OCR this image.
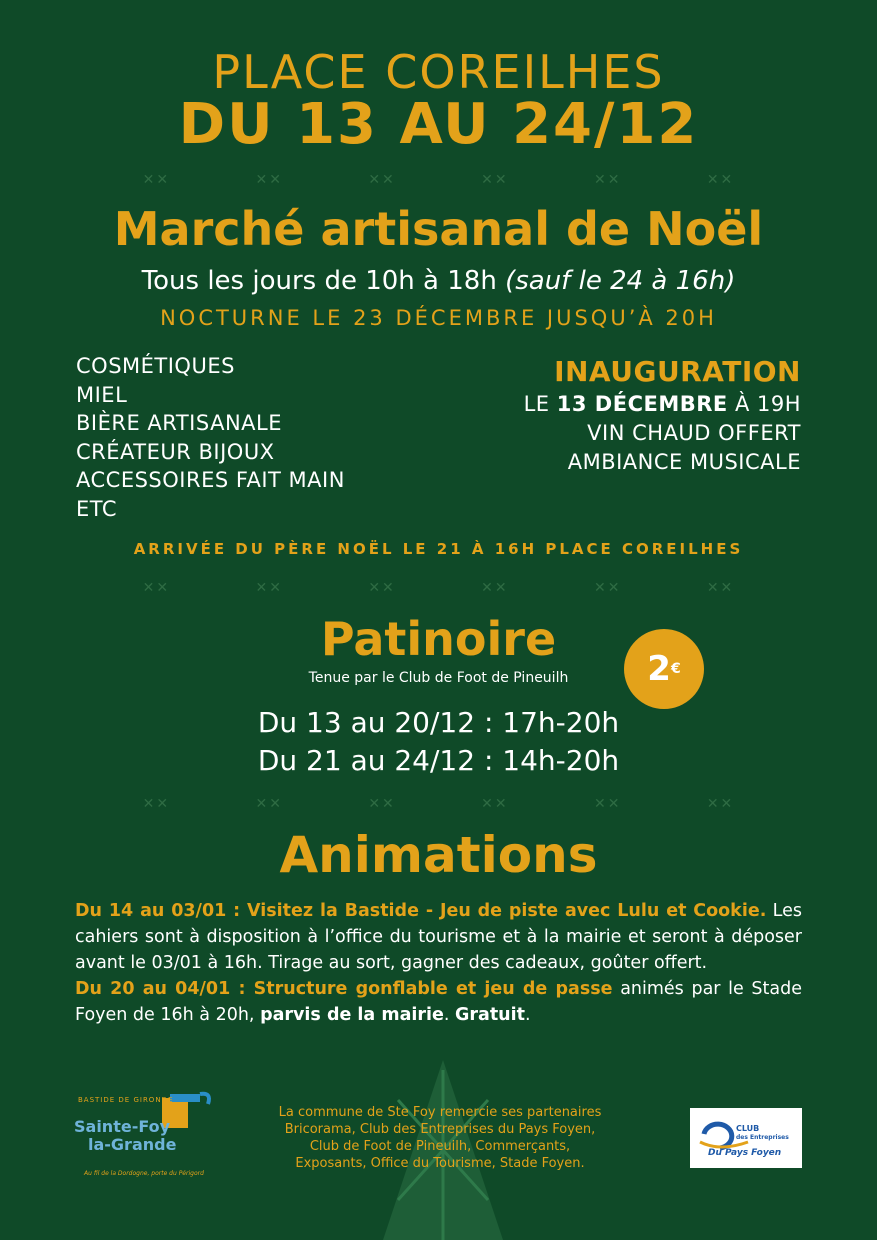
PLACE COREILHES
DU 13 AU 24/12
✕✕	✕✕	✕✕	✕✕	✕✕	✕✕
Marché artisanal de Noël
Tous les jours de 10h à 18h (sauf le 24 à 16h)
NOCTURNE LE 23 DÉCEMBRE JUSQU’À 20H
COSMÉTIQUES
MIEL
BIÈRE ARTISANALE
CRÉATEUR BIJOUX
ACCESSOIRES FAIT MAIN
ETC
INAUGURATION
LE 13 DÉCEMBRE À 19H
VIN CHAUD OFFERT
AMBIANCE MUSICALE
ARRIVÉE DU PÈRE NOËL LE 21 À 16H PLACE COREILHES
✕✕	✕✕	✕✕	✕✕	✕✕	✕✕
Patinoire
Tenue par le Club de Foot de Pineuilh	2 €
Du 13 au 20/12 : 17h-20h
Du 21 au 24/12 : 14h-20h
✕✕	✕✕	✕✕	✕✕	✕✕	✕✕
Animations
Du 14 au 03/01 : Visitez la Bastide - Jeu de piste avec Lulu et Cookie. Les cahiers sont à disposition à l’office du tourisme et à la mairie et seront à déposer avant le 03/01 à 16h. Tirage au sort, gagner des cadeaux, goûter offert.
Du 20 au 04/01 : Structure gonflable et jeu de passe animés par le Stade Foyen de 16h à 20h, parvis de la mairie. Gratuit.
BASTIDE DE GIRONDE
Sainte-Foy
la-Grande
Au fil de la Dordogne, porte du Périgord
La commune de Ste Foy remercie ses partenaires
Bricorama, Club des Entreprises du Pays Foyen,
Club de Foot de Pineuilh, Commerçants,
Exposants, Office du Tourisme, Stade Foyen.
CLUB
des Entreprises
Du Pays Foyen
